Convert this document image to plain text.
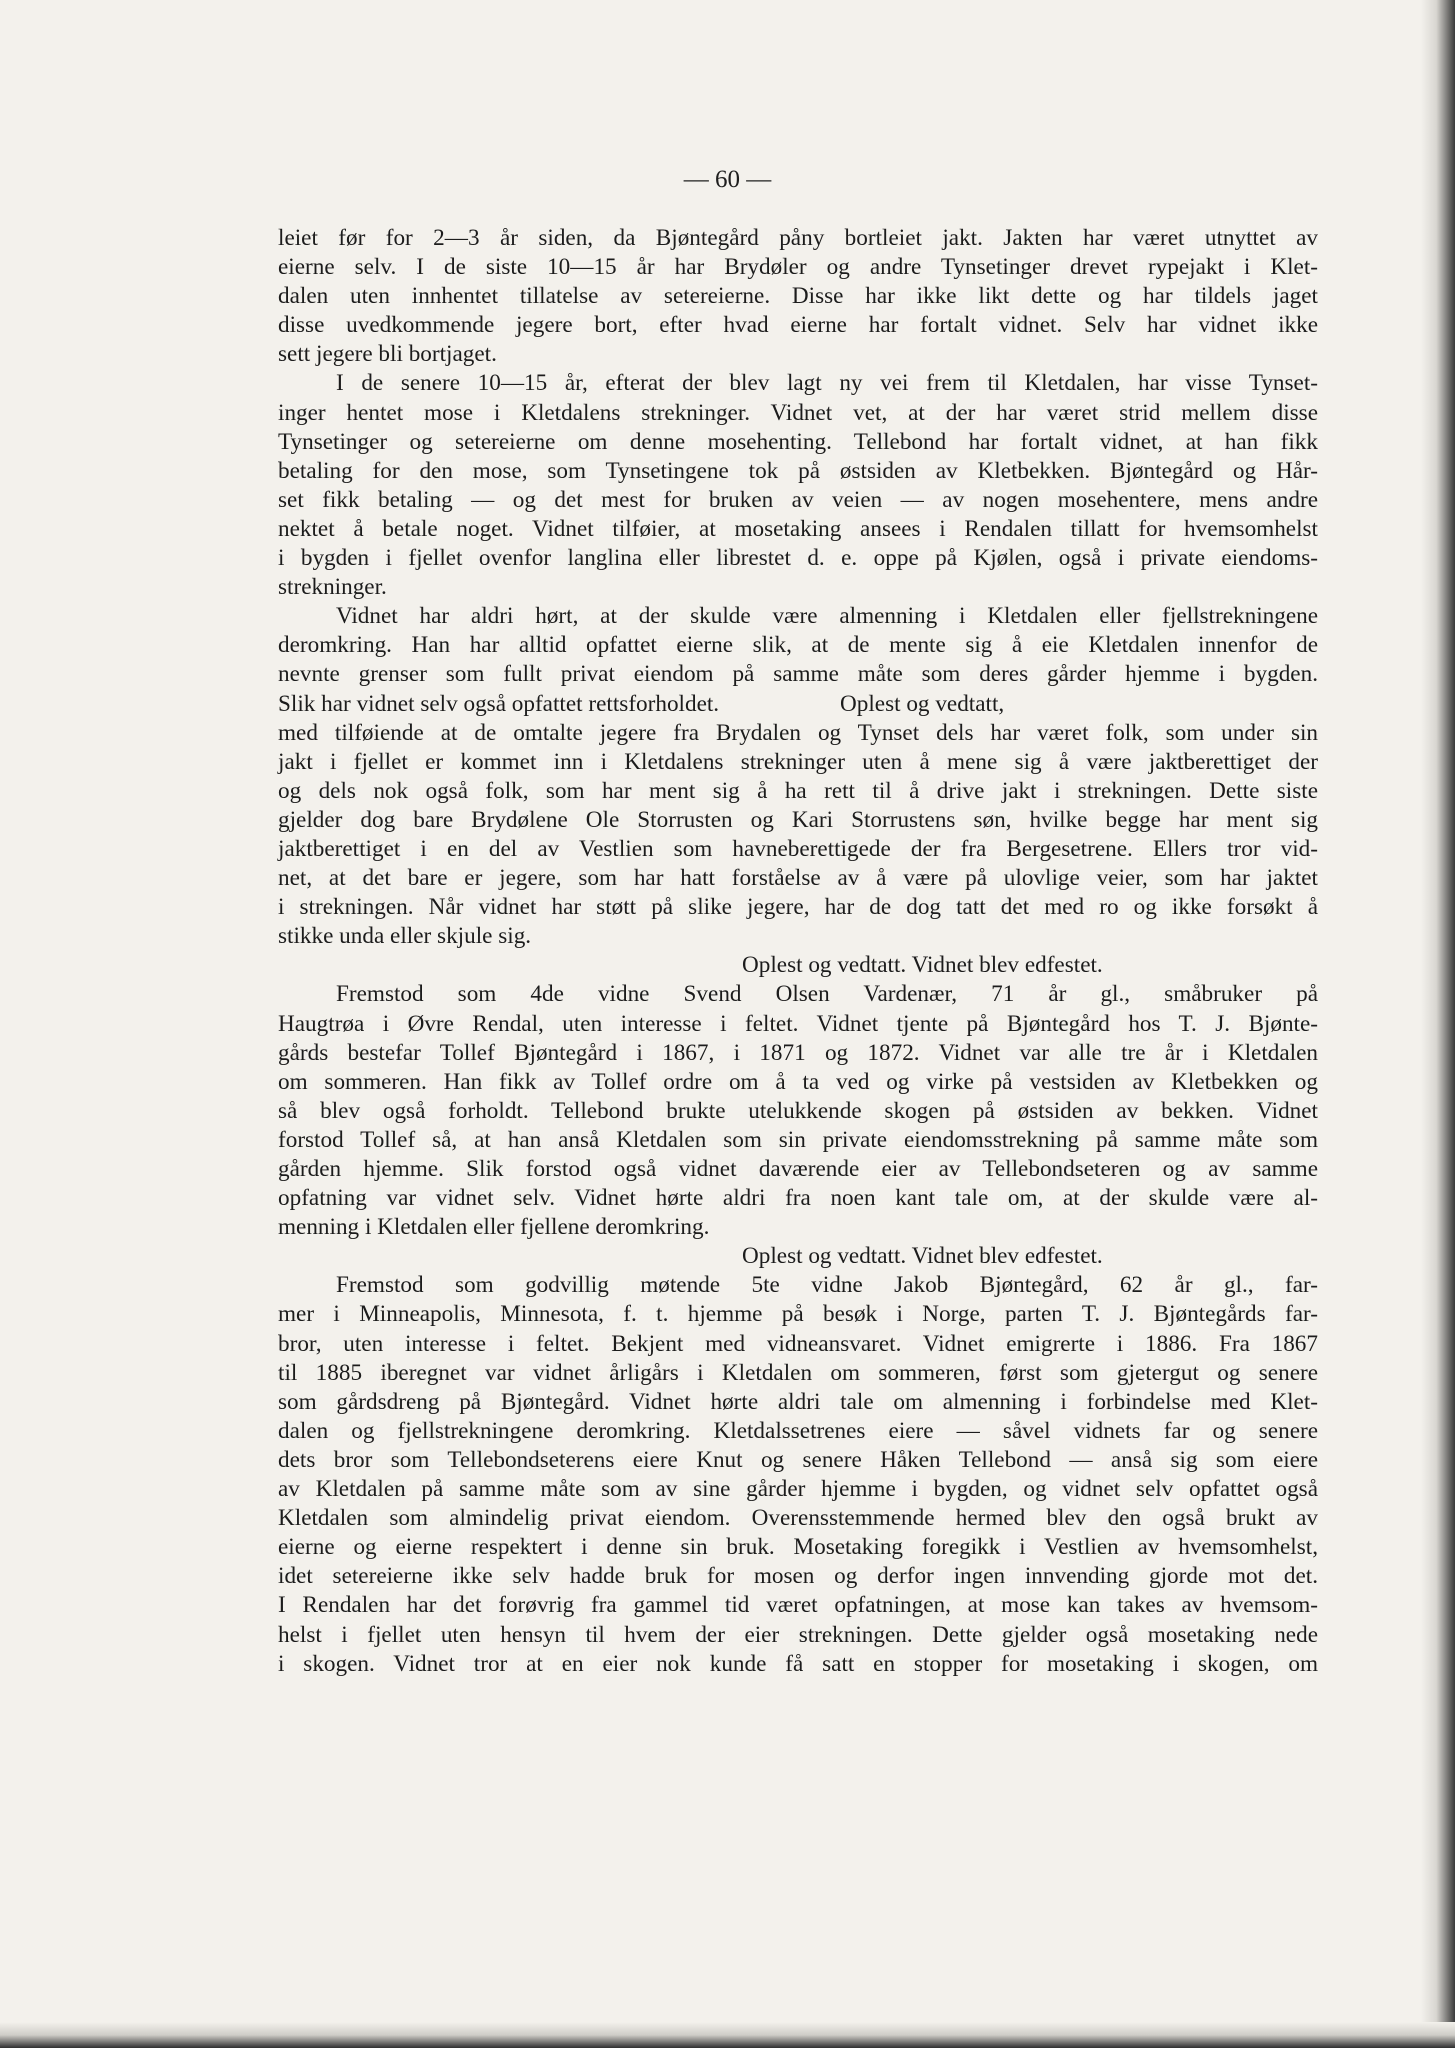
— 60 —
leiet før for 2—3 år siden, da Bjøntegård påny bortleiet jakt. Jakten har været utnyttet av
eierne selv. I de siste 10—15 år har Brydøler og andre Tynsetinger drevet rypejakt i Klet-
dalen uten innhentet tillatelse av setereierne. Disse har ikke likt dette og har tildels jaget
disse uvedkommende jegere bort, efter hvad eierne har fortalt vidnet. Selv har vidnet ikke
sett jegere bli bortjaget.
I de senere 10—15 år, efterat der blev lagt ny vei frem til Kletdalen, har visse Tynset-
inger hentet mose i Kletdalens strekninger. Vidnet vet, at der har været strid mellem disse
Tynsetinger og setereierne om denne mosehenting. Tellebond har fortalt vidnet, at han fikk
betaling for den mose, som Tynsetingene tok på østsiden av Kletbekken. Bjøntegård og Hår-
set fikk betaling — og det mest for bruken av veien — av nogen mosehentere, mens andre
nektet å betale noget. Vidnet tilføier, at mosetaking ansees i Rendalen tillatt for hvemsomhelst
i bygden i fjellet ovenfor langlina eller librestet d. e. oppe på Kjølen, også i private eiendoms-
strekninger.
Vidnet har aldri hørt, at der skulde være almenning i Kletdalen eller fjellstrekningene
deromkring. Han har alltid opfattet eierne slik, at de mente sig å eie Kletdalen innenfor de
nevnte grenser som fullt privat eiendom på samme måte som deres gårder hjemme i bygden.
Slik har vidnet selv også opfattet rettsforholdet.	Oplest og vedtatt,
med tilføiende at de omtalte jegere fra Brydalen og Tynset dels har været folk, som under sin
jakt i fjellet er kommet inn i Kletdalens strekninger uten å mene sig å være jaktberettiget der
og dels nok også folk, som har ment sig å ha rett til å drive jakt i strekningen. Dette siste
gjelder dog bare Brydølene Ole Storrusten og Kari Storrustens søn, hvilke begge har ment sig
jaktberettiget i en del av Vestlien som havneberettigede der fra Bergesetrene. Ellers tror vid-
net, at det bare er jegere, som har hatt forståelse av å være på ulovlige veier, som har jaktet
i strekningen. Når vidnet har støtt på slike jegere, har de dog tatt det med ro og ikke forsøkt å
stikke unda eller skjule sig.
Oplest og vedtatt. Vidnet blev edfestet.
Fremstod som 4de vidne Svend Olsen Vardenær, 71 år gl., småbruker på
Haugtrøa i Øvre Rendal, uten interesse i feltet. Vidnet tjente på Bjøntegård hos T. J. Bjønte-
gårds bestefar Tollef Bjøntegård i 1867, i 1871 og 1872. Vidnet var alle tre år i Kletdalen
om sommeren. Han fikk av Tollef ordre om å ta ved og virke på vestsiden av Kletbekken og
så blev også forholdt. Tellebond brukte utelukkende skogen på østsiden av bekken. Vidnet
forstod Tollef så, at han anså Kletdalen som sin private eiendomsstrekning på samme måte som
gården hjemme. Slik forstod også vidnet daværende eier av Tellebondseteren og av samme
opfatning var vidnet selv. Vidnet hørte aldri fra noen kant tale om, at der skulde være al-
menning i Kletdalen eller fjellene deromkring.
Oplest og vedtatt. Vidnet blev edfestet.
Fremstod som godvillig møtende 5te vidne Jakob Bjøntegård, 62 år gl., far-
mer i Minneapolis, Minnesota, f. t. hjemme på besøk i Norge, parten T. J. Bjøntegårds far-
bror, uten interesse i feltet. Bekjent med vidneansvaret. Vidnet emigrerte i 1886. Fra 1867
til 1885 iberegnet var vidnet årligårs i Kletdalen om sommeren, først som gjetergut og senere
som gårdsdreng på Bjøntegård. Vidnet hørte aldri tale om almenning i forbindelse med Klet-
dalen og fjellstrekningene deromkring. Kletdalssetrenes eiere — såvel vidnets far og senere
dets bror som Tellebondseterens eiere Knut og senere Håken Tellebond — anså sig som eiere
av Kletdalen på samme måte som av sine gårder hjemme i bygden, og vidnet selv opfattet også
Kletdalen som almindelig privat eiendom. Overensstemmende hermed blev den også brukt av
eierne og eierne respektert i denne sin bruk. Mosetaking foregikk i Vestlien av hvemsomhelst,
idet setereierne ikke selv hadde bruk for mosen og derfor ingen innvending gjorde mot det.
I Rendalen har det forøvrig fra gammel tid været opfatningen, at mose kan takes av hvemsom-
helst i fjellet uten hensyn til hvem der eier strekningen. Dette gjelder også mosetaking nede
i skogen. Vidnet tror at en eier nok kunde få satt en stopper for mosetaking i skogen, om
